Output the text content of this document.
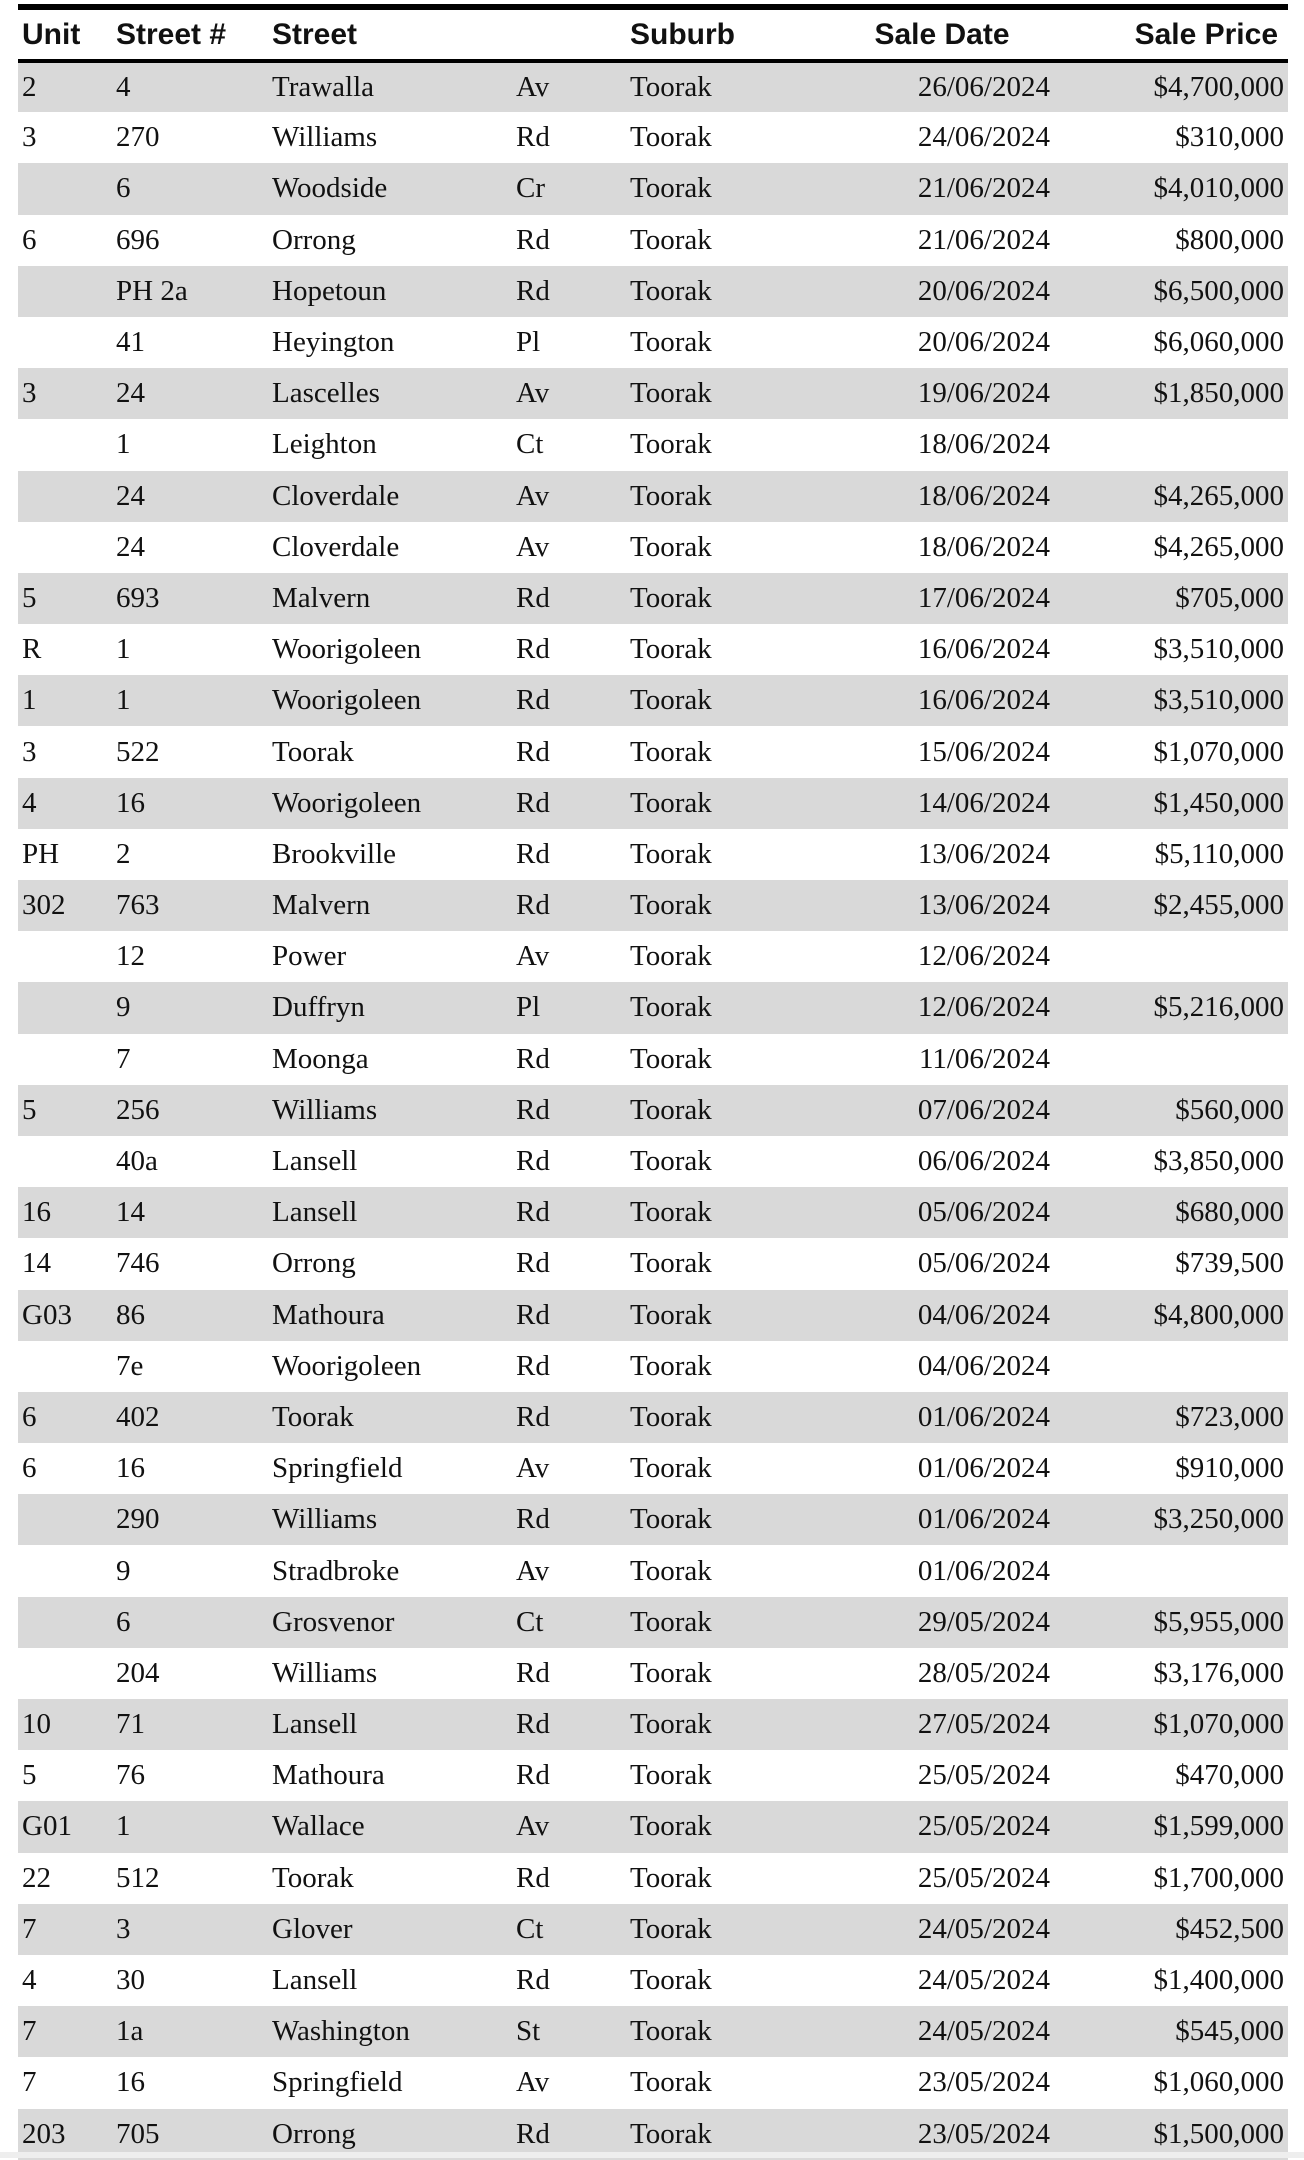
Unit	Street #	Street		Suburb	Sale Date	Sale Price
2	4	Trawalla	Av	Toorak	26/06/2024	$4,700,000
3	270	Williams	Rd	Toorak	24/06/2024	$310,000
	6	Woodside	Cr	Toorak	21/06/2024	$4,010,000
6	696	Orrong	Rd	Toorak	21/06/2024	$800,000
	PH 2a	Hopetoun	Rd	Toorak	20/06/2024	$6,500,000
	41	Heyington	Pl	Toorak	20/06/2024	$6,060,000
3	24	Lascelles	Av	Toorak	19/06/2024	$1,850,000
	1	Leighton	Ct	Toorak	18/06/2024	
	24	Cloverdale	Av	Toorak	18/06/2024	$4,265,000
	24	Cloverdale	Av	Toorak	18/06/2024	$4,265,000
5	693	Malvern	Rd	Toorak	17/06/2024	$705,000
R	1	Woorigoleen	Rd	Toorak	16/06/2024	$3,510,000
1	1	Woorigoleen	Rd	Toorak	16/06/2024	$3,510,000
3	522	Toorak	Rd	Toorak	15/06/2024	$1,070,000
4	16	Woorigoleen	Rd	Toorak	14/06/2024	$1,450,000
PH	2	Brookville	Rd	Toorak	13/06/2024	$5,110,000
302	763	Malvern	Rd	Toorak	13/06/2024	$2,455,000
	12	Power	Av	Toorak	12/06/2024	
	9	Duffryn	Pl	Toorak	12/06/2024	$5,216,000
	7	Moonga	Rd	Toorak	11/06/2024	
5	256	Williams	Rd	Toorak	07/06/2024	$560,000
	40a	Lansell	Rd	Toorak	06/06/2024	$3,850,000
16	14	Lansell	Rd	Toorak	05/06/2024	$680,000
14	746	Orrong	Rd	Toorak	05/06/2024	$739,500
G03	86	Mathoura	Rd	Toorak	04/06/2024	$4,800,000
	7e	Woorigoleen	Rd	Toorak	04/06/2024	
6	402	Toorak	Rd	Toorak	01/06/2024	$723,000
6	16	Springfield	Av	Toorak	01/06/2024	$910,000
	290	Williams	Rd	Toorak	01/06/2024	$3,250,000
	9	Stradbroke	Av	Toorak	01/06/2024	
	6	Grosvenor	Ct	Toorak	29/05/2024	$5,955,000
	204	Williams	Rd	Toorak	28/05/2024	$3,176,000
10	71	Lansell	Rd	Toorak	27/05/2024	$1,070,000
5	76	Mathoura	Rd	Toorak	25/05/2024	$470,000
G01	1	Wallace	Av	Toorak	25/05/2024	$1,599,000
22	512	Toorak	Rd	Toorak	25/05/2024	$1,700,000
7	3	Glover	Ct	Toorak	24/05/2024	$452,500
4	30	Lansell	Rd	Toorak	24/05/2024	$1,400,000
7	1a	Washington	St	Toorak	24/05/2024	$545,000
7	16	Springfield	Av	Toorak	23/05/2024	$1,060,000
203	705	Orrong	Rd	Toorak	23/05/2024	$1,500,000
